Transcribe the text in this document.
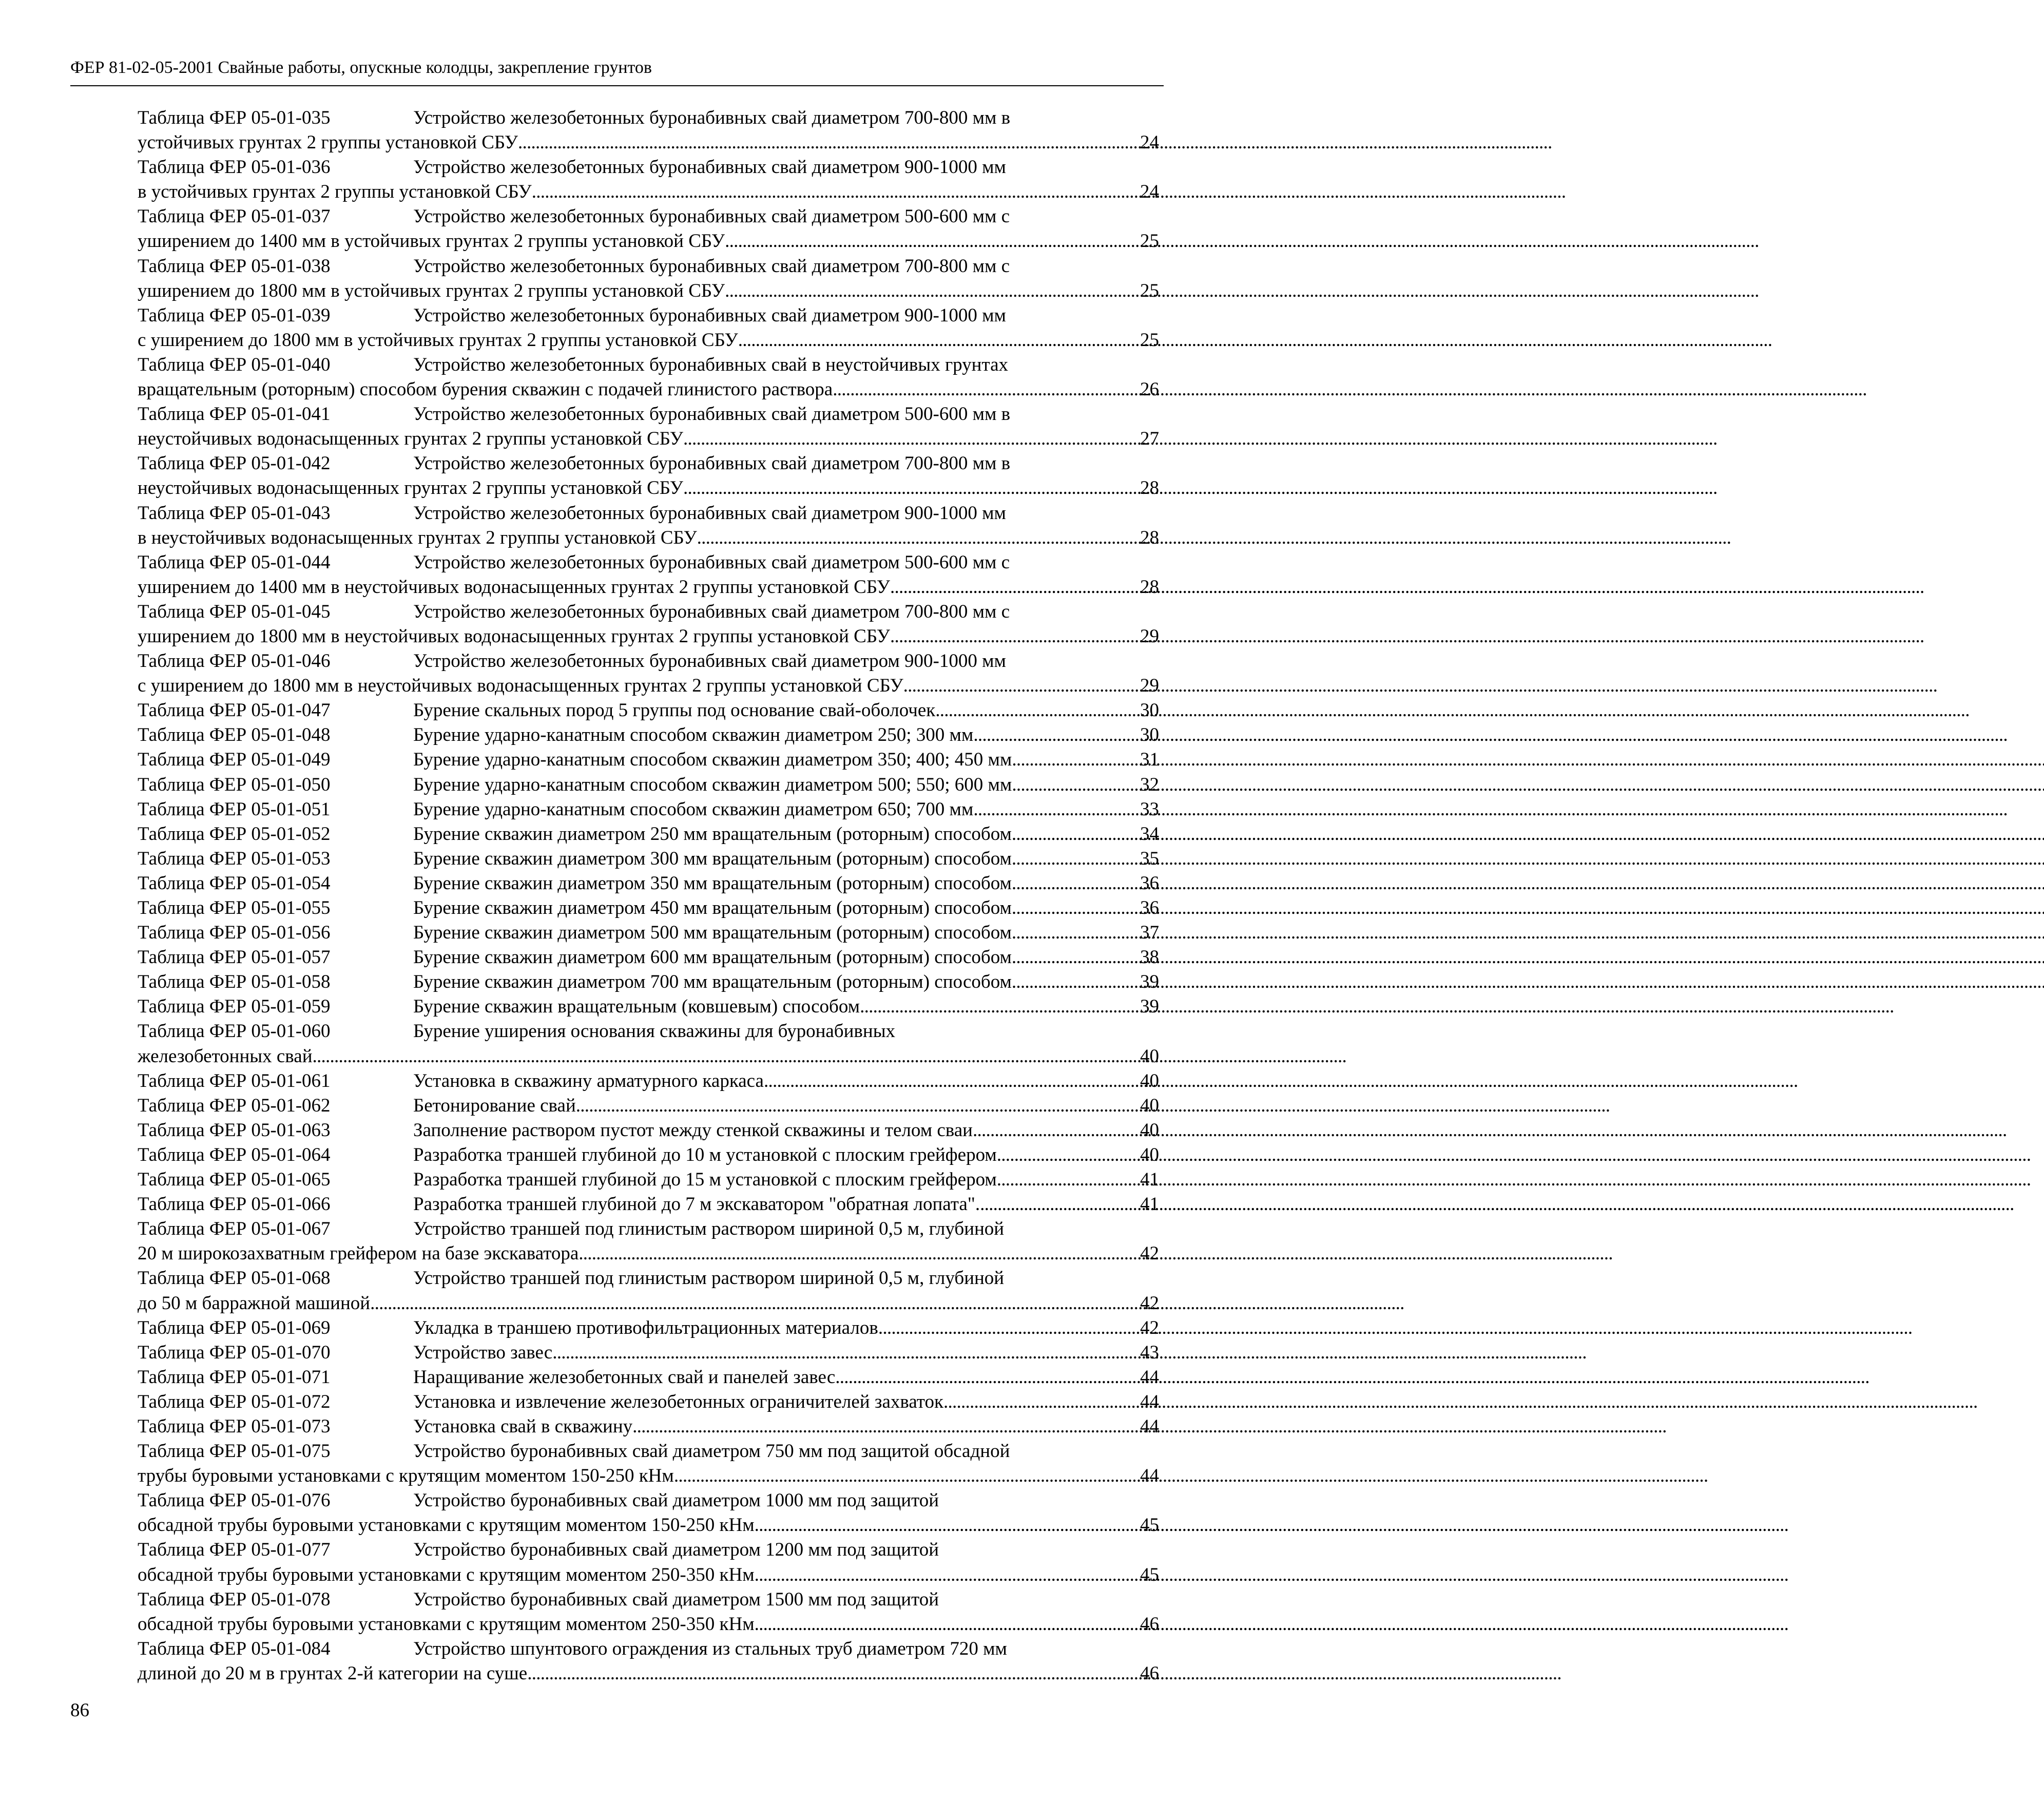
ФЕР 81-02-05-2001 Свайные работы, опускные колодцы, закрепление грунтов
Таблица ФЕР 05-01-035	Устройство железобетонных буронабивных свай диаметром 700-800 мм в
устойчивых грунтах 2 группы установкой СБУ . . .	24
Таблица ФЕР 05-01-036	Устройство железобетонных буронабивных свай диаметром 900-1000 мм
в устойчивых грунтах 2 группы установкой СБУ . . .	24
Таблица ФЕР 05-01-037	Устройство железобетонных буронабивных свай диаметром 500-600 мм с
уширением до 1400 мм в устойчивых грунтах 2 группы установкой СБУ . . .	25
Таблица ФЕР 05-01-038	Устройство железобетонных буронабивных свай диаметром 700-800 мм с
уширением до 1800 мм в устойчивых грунтах 2 группы установкой СБУ . . .	25
Таблица ФЕР 05-01-039	Устройство железобетонных буронабивных свай диаметром 900-1000 мм
с уширением до 1800 мм в устойчивых грунтах 2 группы установкой СБУ . . .	25
Таблица ФЕР 05-01-040	Устройство железобетонных буронабивных свай в неустойчивых грунтах
вращательным (роторным) способом бурения скважин с подачей глинистого раствора . . .	26
Таблица ФЕР 05-01-041	Устройство железобетонных буронабивных свай диаметром 500-600 мм в
неустойчивых водонасыщенных грунтах 2 группы установкой СБУ . . .	27
Таблица ФЕР 05-01-042	Устройство железобетонных буронабивных свай диаметром 700-800 мм в
неустойчивых водонасыщенных грунтах 2 группы установкой СБУ . . .	28
Таблица ФЕР 05-01-043	Устройство железобетонных буронабивных свай диаметром 900-1000 мм
в неустойчивых водонасыщенных грунтах 2 группы установкой СБУ . . .	28
Таблица ФЕР 05-01-044	Устройство железобетонных буронабивных свай диаметром 500-600 мм с
уширением до 1400 мм в неустойчивых водонасыщенных грунтах 2 группы установкой СБУ . . .	28
Таблица ФЕР 05-01-045	Устройство железобетонных буронабивных свай диаметром 700-800 мм с
уширением до 1800 мм в неустойчивых водонасыщенных грунтах 2 группы установкой СБУ . . .	29
Таблица ФЕР 05-01-046	Устройство железобетонных буронабивных свай диаметром 900-1000 мм
с уширением до 1800 мм в неустойчивых водонасыщенных грунтах 2 группы установкой СБУ . . .	29
Таблица ФЕР 05-01-047	Бурение скальных пород 5 группы под основание свай-оболочек . . .	30
Таблица ФЕР 05-01-048	Бурение ударно-канатным способом скважин диаметром 250; 300 мм . . .	30
Таблица ФЕР 05-01-049	Бурение ударно-канатным способом скважин диаметром 350; 400; 450 мм . . .	31
Таблица ФЕР 05-01-050	Бурение ударно-канатным способом скважин диаметром 500; 550; 600 мм . . .	32
Таблица ФЕР 05-01-051	Бурение ударно-канатным способом скважин диаметром 650; 700 мм . . .	33
Таблица ФЕР 05-01-052	Бурение скважин диаметром 250 мм вращательным (роторным) способом . . .	34
Таблица ФЕР 05-01-053	Бурение скважин диаметром 300 мм вращательным (роторным) способом . . .	35
Таблица ФЕР 05-01-054	Бурение скважин диаметром 350 мм вращательным (роторным) способом . . .	36
Таблица ФЕР 05-01-055	Бурение скважин диаметром 450 мм вращательным (роторным) способом . . .	36
Таблица ФЕР 05-01-056	Бурение скважин диаметром 500 мм вращательным (роторным) способом . . .	37
Таблица ФЕР 05-01-057	Бурение скважин диаметром 600 мм вращательным (роторным) способом . . .	38
Таблица ФЕР 05-01-058	Бурение скважин диаметром 700 мм вращательным (роторным) способом . . .	39
Таблица ФЕР 05-01-059	Бурение скважин вращательным (ковшевым) способом . . .	39
Таблица ФЕР 05-01-060	Бурение уширения основания скважины для буронабивных
железобетонных свай . . .	40
Таблица ФЕР 05-01-061	Установка в скважину арматурного каркаса . . .	40
Таблица ФЕР 05-01-062	Бетонирование свай . . .	40
Таблица ФЕР 05-01-063	Заполнение раствором пустот между стенкой скважины и телом сваи . . .	40
Таблица ФЕР 05-01-064	Разработка траншей глубиной до 10 м установкой с плоским грейфером . . .	40
Таблица ФЕР 05-01-065	Разработка траншей глубиной до 15 м установкой с плоским грейфером . . .	41
Таблица ФЕР 05-01-066	Разработка траншей глубиной до 7 м экскаватором "обратная лопата". . . .	41
Таблица ФЕР 05-01-067	Устройство траншей под глинистым раствором шириной 0,5 м, глубиной
20 м широкозахватным грейфером на базе экскаватора . . .	42
Таблица ФЕР 05-01-068	Устройство траншей под глинистым раствором шириной 0,5 м, глубиной
до 50 м барражной машиной . . .	42
Таблица ФЕР 05-01-069	Укладка в траншею противофильтрационных материалов . . .	42
Таблица ФЕР 05-01-070	Устройство завес . . .	43
Таблица ФЕР 05-01-071	Наращивание железобетонных свай и панелей завес . . .	44
Таблица ФЕР 05-01-072	Установка и извлечение железобетонных ограничителей захваток . . .	44
Таблица ФЕР 05-01-073	Установка свай в скважину . . .	44
Таблица ФЕР 05-01-075	Устройство буронабивных свай диаметром 750 мм под защитой обсадной
трубы буровыми установками с крутящим моментом 150-250 кНм . . .	44
Таблица ФЕР 05-01-076	Устройство буронабивных свай диаметром 1000 мм под защитой
обсадной трубы буровыми установками с крутящим моментом 150-250 кНм . . .	45
Таблица ФЕР 05-01-077	Устройство буронабивных свай диаметром 1200 мм под защитой
обсадной трубы буровыми установками с крутящим моментом 250-350 кНм . . .	45
Таблица ФЕР 05-01-078	Устройство буронабивных свай диаметром 1500 мм под защитой
обсадной трубы буровыми установками с крутящим моментом 250-350 кНм . . .	46
Таблица ФЕР 05-01-084	Устройство шпунтового ограждения из стальных труб диаметром 720 мм
длиной до 20 м в грунтах 2-й категории на суше . . .	46
86
